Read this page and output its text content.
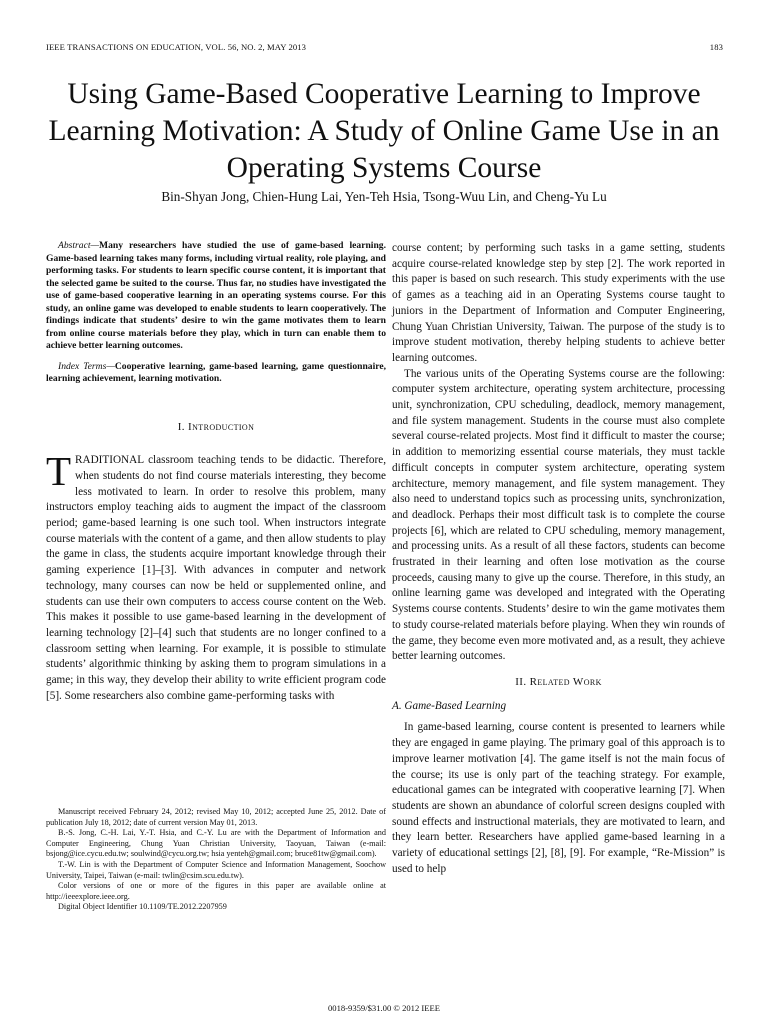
IEEE TRANSACTIONS ON EDUCATION, VOL. 56, NO. 2, MAY 2013	183
Using Game-Based Cooperative Learning to Improve Learning Motivation: A Study of Online Game Use in an Operating Systems Course
Bin-Shyan Jong, Chien-Hung Lai, Yen-Teh Hsia, Tsong-Wuu Lin, and Cheng-Yu Lu

Abstract—Many researchers have studied the use of game-based learning. Game-based learning takes many forms, including virtual reality, role playing, and performing tasks. For students to learn specific course content, it is important that the selected game be suited to the course. Thus far, no studies have investigated the use of game-based cooperative learning in an operating systems course. For this study, an online game was developed to enable students to learn cooperatively. The findings indicate that students’ desire to win the game motivates them to learn from online course materials before they play, which in turn can enable them to achieve better learning outcomes.

Index Terms—Cooperative learning, game-based learning, game questionnaire, learning achievement, learning motivation.

I. Introduction

TRADITIONAL classroom teaching tends to be didactic. Therefore, when students do not find course materials interesting, they become less motivated to learn. In order to resolve this problem, many instructors employ teaching aids to augment the impact of the classroom period; game-based learning is one such tool. When instructors integrate course materials with the content of a game, and then allow students to play the game in class, the students acquire important knowledge through their gaming experience [1]–[3]. With advances in computer and network technology, many courses can now be held or supplemented online, and students can use their own computers to access course content on the Web. This makes it possible to use game-based learning in the development of learning technology [2]–[4] such that students are no longer confined to a classroom setting when learning. For example, it is possible to stimulate students’ algorithmic thinking by asking them to program simulations in a game; in this way, they develop their ability to write efficient program code [5]. Some researchers also combine game-performing tasks with

Manuscript received February 24, 2012; revised May 10, 2012; accepted June 25, 2012. Date of publication July 18, 2012; date of current version May 01, 2013.

B.-S. Jong, C.-H. Lai, Y.-T. Hsia, and C.-Y. Lu are with the Department of Information and Computer Engineering, Chung Yuan Christian University, Taoyuan, Taiwan (e-mail: bsjong@ice.cycu.edu.tw; soulwind@cycu.org.tw; hsia yenteh@gmail.com; bruce81tw@gmail.com).

T.-W. Lin is with the Department of Computer Science and Information Management, Soochow University, Taipei, Taiwan (e-mail: twlin@csim.scu.edu.tw).

Color versions of one or more of the figures in this paper are available online at http://ieeexplore.ieee.org.

Digital Object Identifier 10.1109/TE.2012.2207959

course content; by performing such tasks in a game setting, students acquire course-related knowledge step by step [2]. The work reported in this paper is based on such research. This study experiments with the use of games as a teaching aid in an Operating Systems course taught to juniors in the Department of Information and Computer Engineering, Chung Yuan Christian University, Taiwan. The purpose of the study is to improve student motivation, thereby helping students to achieve better learning outcomes.

The various units of the Operating Systems course are the following: computer system architecture, operating system architecture, processing unit, synchronization, CPU scheduling, deadlock, memory management, and file system management. Students in the course must also complete several course-related projects. Most find it difficult to master the course; in addition to memorizing essential course materials, they must tackle difficult concepts in computer system architecture, operating system architecture, memory management, and file system management. They also need to understand topics such as processing units, synchronization, and deadlock. Perhaps their most difficult task is to complete the course projects [6], which are related to CPU scheduling, memory management, and processing units. As a result of all these factors, students can become frustrated in their learning and often lose motivation as the course proceeds, causing many to give up the course. Therefore, in this study, an online learning game was developed and integrated with the Operating Systems course contents. Students’ desire to win the game motivates them to study course-related materials before playing. When they win rounds of the game, they become even more motivated and, as a result, they achieve better learning outcomes.

II. Related Work
A. Game-Based Learning

In game-based learning, course content is presented to learners while they are engaged in game playing. The primary goal of this approach is to improve learner motivation [4]. The game itself is not the main focus of the course; its use is only part of the teaching strategy. For example, educational games can be integrated with cooperative learning [7]. When students are shown an abundance of colorful screen designs coupled with sound effects and instructional materials, they are motivated to learn, and they learn better. Researchers have applied game-based learning in a variety of educational settings [2], [8], [9]. For example, “Re-Mission” is used to help

0018-9359/$31.00 © 2012 IEEE
